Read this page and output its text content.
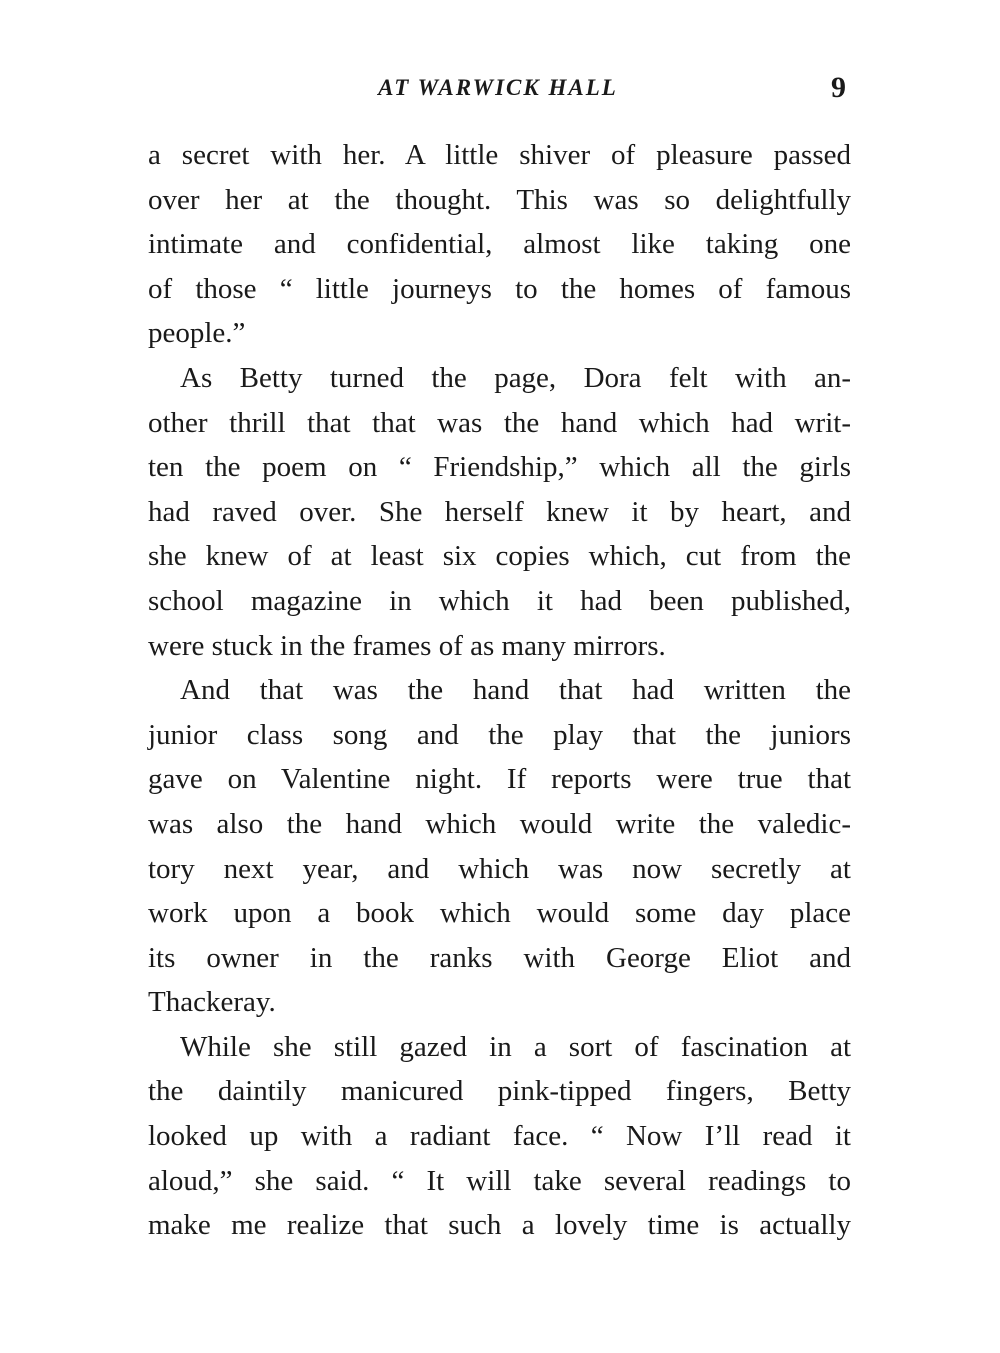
AT WARWICK HALL	9

a secret with her. A little shiver of pleasure passed
over her at the thought. This was so delightfully
intimate and confidential, almost like taking one
of those “ little journeys to the homes of famous
people.”

As Betty turned the page, Dora felt with an-
other thrill that that was the hand which had writ-
ten the poem on “ Friendship,” which all the girls
had raved over. She herself knew it by heart, and
she knew of at least six copies which, cut from the
school magazine in which it had been published,
were stuck in the frames of as many mirrors.

And that was the hand that had written the
junior class song and the play that the juniors
gave on Valentine night. If reports were true that
was also the hand which would write the valedic-
tory next year, and which was now secretly at
work upon a book which would some day place
its owner in the ranks with George Eliot and
Thackeray.

While she still gazed in a sort of fascination at
the daintily manicured pink-tipped fingers, Betty
looked up with a radiant face. “ Now I’ll read it
aloud,” she said. “ It will take several readings to
make me realize that such a lovely time is actually
